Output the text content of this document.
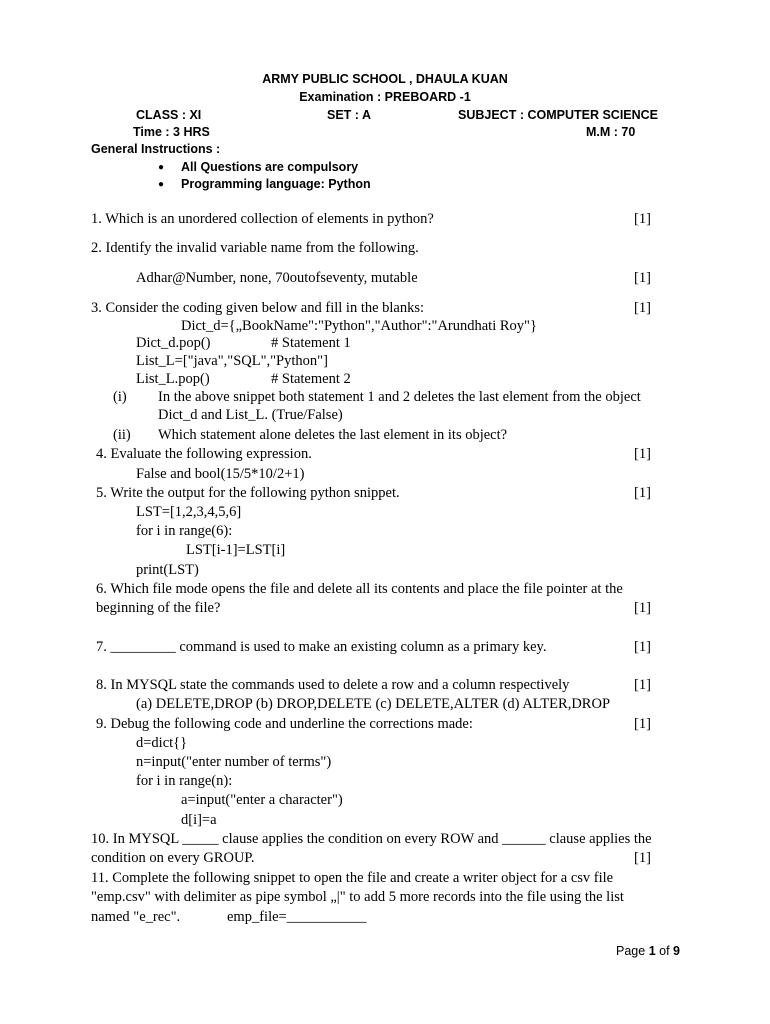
ARMY PUBLIC SCHOOL , DHAULA KUAN
Examination : PREBOARD -1
CLASS : XI	SET : A	SUBJECT : COMPUTER SCIENCE
Time : 3 HRS	M.M : 70
General Instructions :
● All Questions are compulsory
● Programming language: Python
1. Which is an unordered collection of elements in python?	[1]
2. Identify the invalid variable name from the following.
Adhar@Number, none, 70outofseventy, mutable	[1]
3. Consider the coding given below and fill in the blanks:	[1]
Dict_d={„BookName":"Python","Author":"Arundhati Roy"}
Dict_d.pop()	# Statement 1
List_L=["java","SQL","Python"]
List_L.pop()	# Statement 2
(i) In the above snippet both statement 1 and 2 deletes the last element from the object
Dict_d and List_L. (True/False)
(ii) Which statement alone deletes the last element in its object?
4. Evaluate the following expression.	[1]
False and bool(15/5*10/2+1)
5. Write the output for the following python snippet.	[1]
LST=[1,2,3,4,5,6]
for i in range(6):
LST[i-1]=LST[i]
print(LST)
6. Which file mode opens the file and delete all its contents and place the file pointer at the
beginning of the file?	[1]
7. _________ command is used to make an existing column as a primary key.	[1]
8. In MYSQL state the commands used to delete a row and a column respectively	[1]
(a) DELETE,DROP (b) DROP,DELETE (c) DELETE,ALTER (d) ALTER,DROP
9. Debug the following code and underline the corrections made:	[1]
d=dict{}
n=input("enter number of terms")
for i in range(n):
a=input("enter a character")
d[i]=a
10. In MYSQL _____ clause applies the condition on every ROW and ______ clause applies the
condition on every GROUP.	[1]
11. Complete the following snippet to open the file and create a writer object for a csv file
"emp.csv" with delimiter as pipe symbol „|" to add 5 more records into the file using the list
named "e_rec".	emp_file=___________
Page 1 of 9
